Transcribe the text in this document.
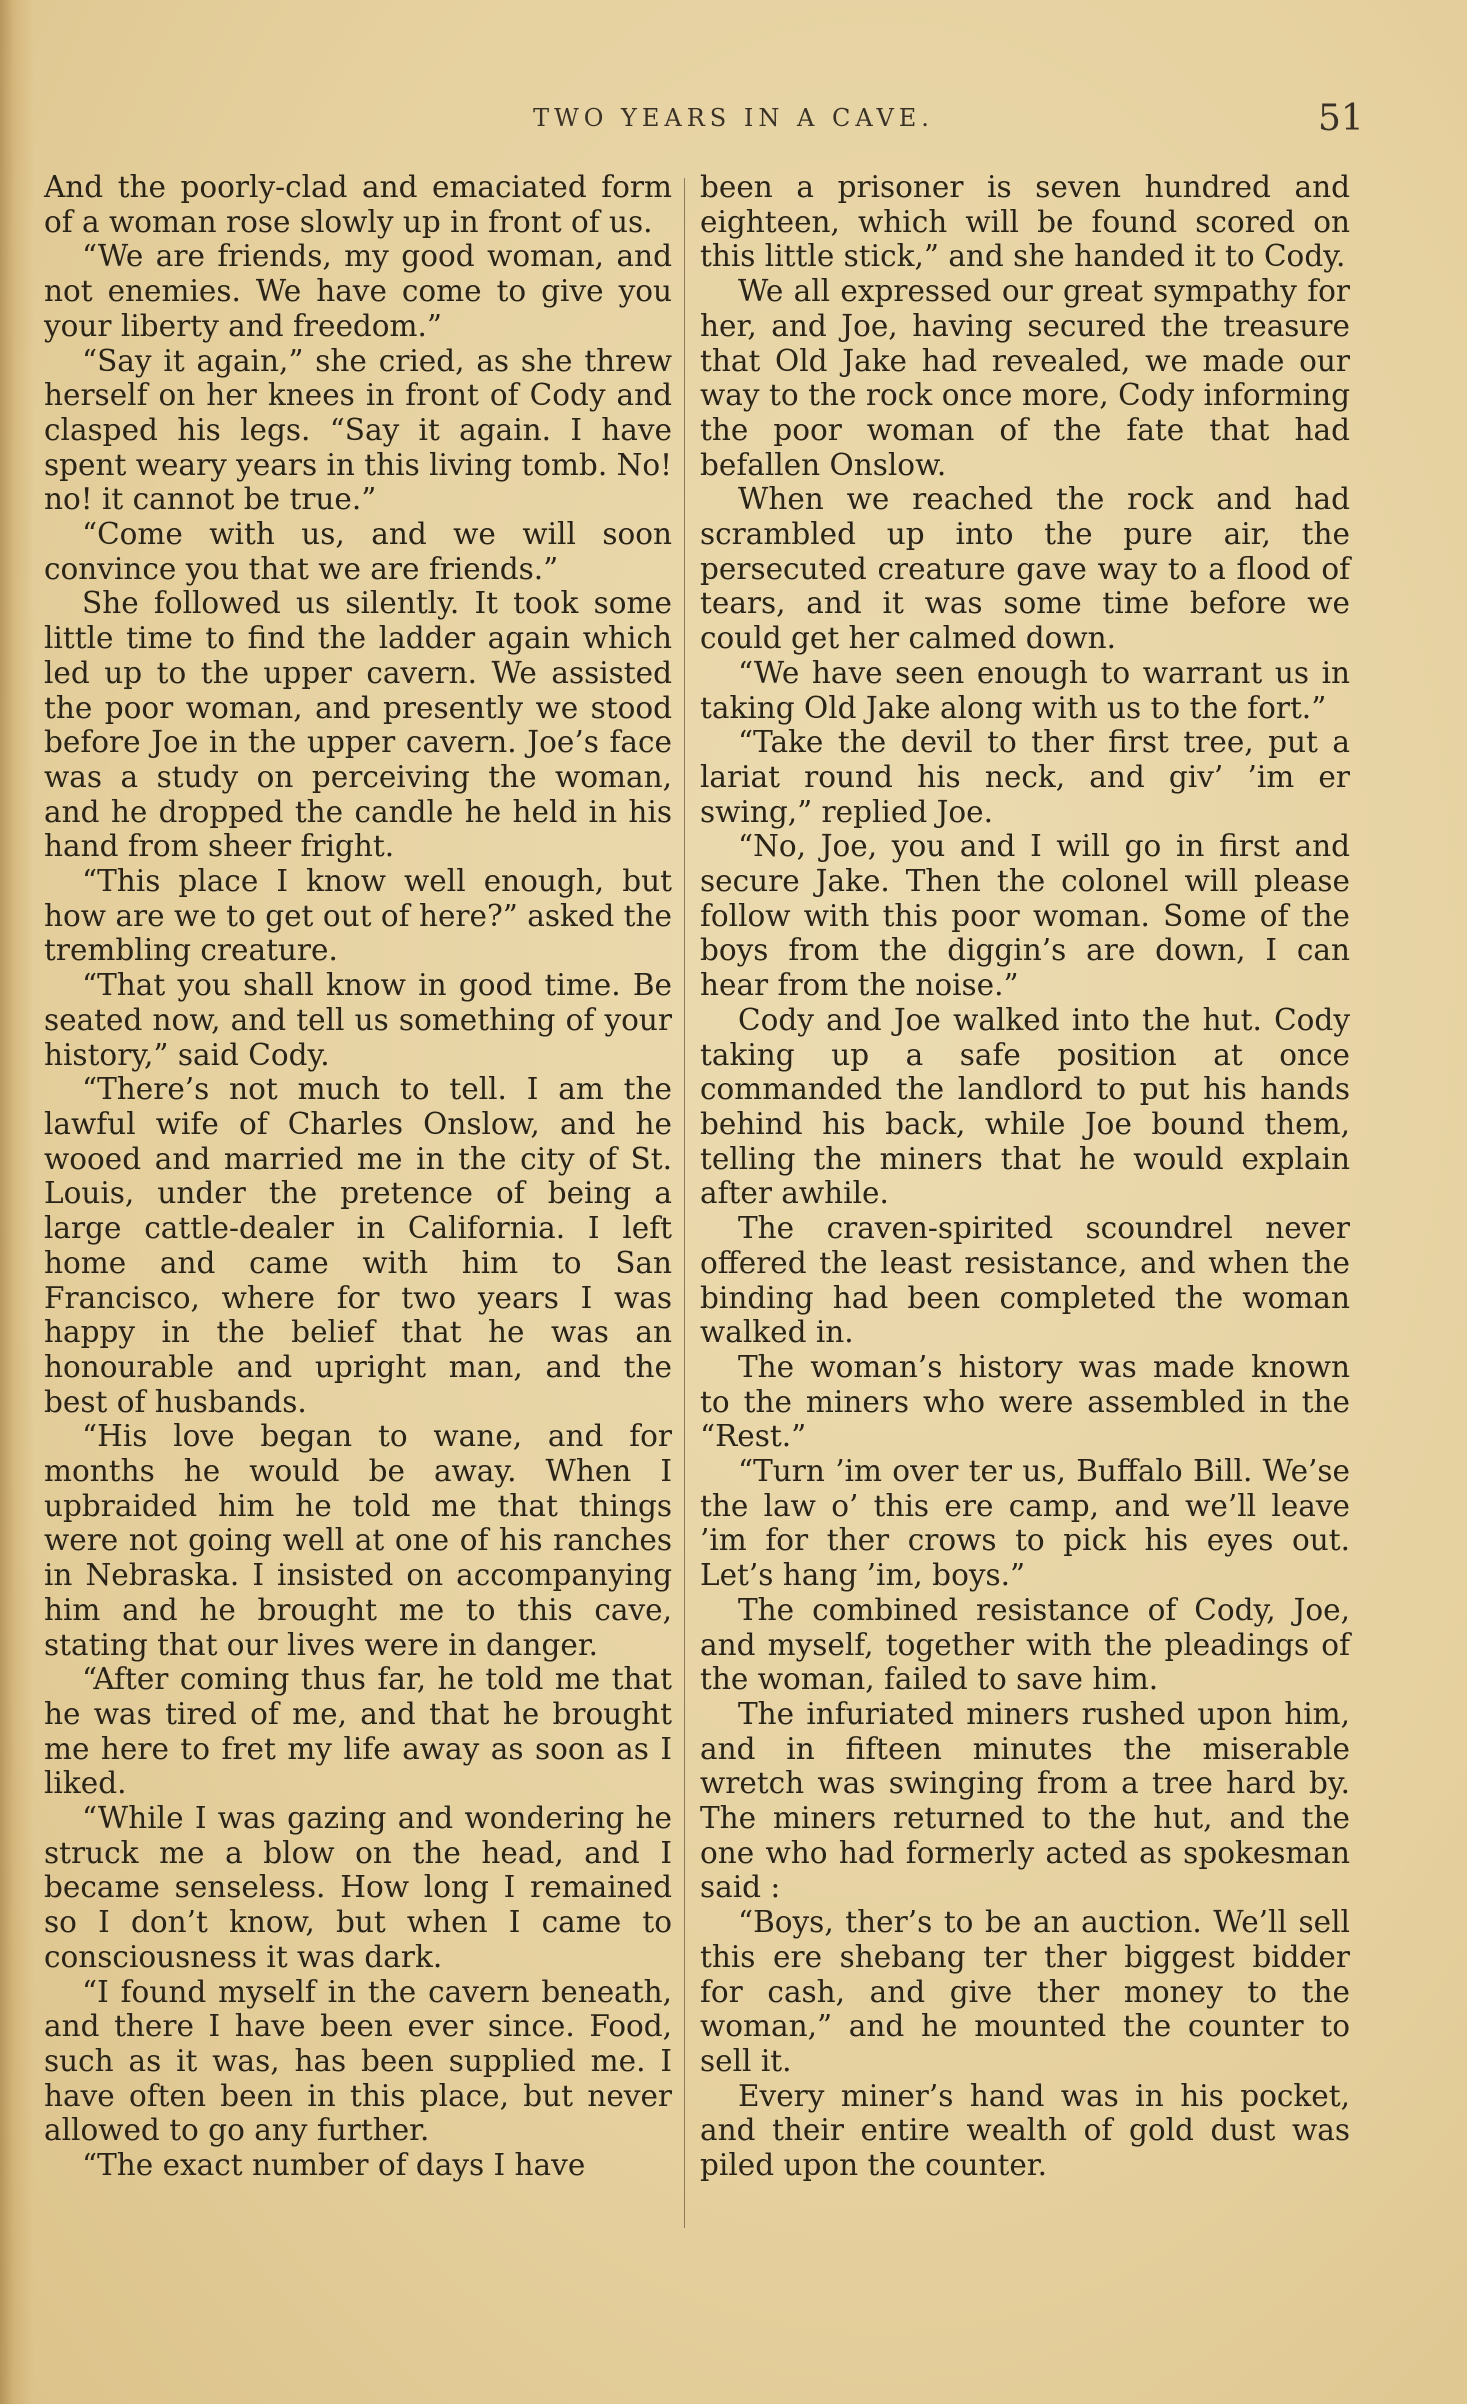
TWO YEARS IN A CAVE.	51

And the poorly-clad and emaciated form of a woman rose slowly up in front of us.

“We are friends, my good woman, and not enemies. We have come to give you your liberty and freedom.”

“Say it again,” she cried, as she threw herself on her knees in front of Cody and clasped his legs. “Say it again. I have spent weary years in this living tomb. No! no! it cannot be true.”

“Come with us, and we will soon convince you that we are friends.”

She followed us silently. It took some little time to find the ladder again which led up to the upper cavern. We assisted the poor woman, and presently we stood before Joe in the upper cavern. Joe’s face was a study on perceiving the woman, and he dropped the candle he held in his hand from sheer fright.

“This place I know well enough, but how are we to get out of here?” asked the trembling creature.

“That you shall know in good time. Be seated now, and tell us something of your history,” said Cody.

“There’s not much to tell. I am the lawful wife of Charles Onslow, and he wooed and married me in the city of St. Louis, under the pretence of being a large cattle-dealer in California. I left home and came with him to San Francisco, where for two years I was happy in the belief that he was an honourable and upright man, and the best of husbands.

“His love began to wane, and for months he would be away. When I upbraided him he told me that things were not going well at one of his ranches in Nebraska. I insisted on accompanying him and he brought me to this cave, stating that our lives were in danger.

“After coming thus far, he told me that he was tired of me, and that he brought me here to fret my life away as soon as I liked.

“While I was gazing and wondering he struck me a blow on the head, and I became senseless. How long I remained so I don’t know, but when I came to consciousness it was dark.

“I found myself in the cavern beneath, and there I have been ever since. Food, such as it was, has been supplied me. I have often been in this place, but never allowed to go any further.

“The exact number of days I have

been a prisoner is seven hundred and eighteen, which will be found scored on this little stick,” and she handed it to Cody.

We all expressed our great sympathy for her, and Joe, having secured the treasure that Old Jake had revealed, we made our way to the rock once more, Cody informing the poor woman of the fate that had befallen Onslow.

When we reached the rock and had scrambled up into the pure air, the persecuted creature gave way to a flood of tears, and it was some time before we could get her calmed down.

“We have seen enough to warrant us in taking Old Jake along with us to the fort.”

“Take the devil to ther first tree, put a lariat round his neck, and giv’ ’im er swing,” replied Joe.

“No, Joe, you and I will go in first and secure Jake. Then the colonel will please follow with this poor woman. Some of the boys from the diggin’s are down, I can hear from the noise.”

Cody and Joe walked into the hut. Cody taking up a safe position at once commanded the landlord to put his hands behind his back, while Joe bound them, telling the miners that he would explain after awhile.

The craven-spirited scoundrel never offered the least resistance, and when the binding had been completed the woman walked in.

The woman’s history was made known to the miners who were assembled in the “Rest.”

“Turn ’im over ter us, Buffalo Bill. We’se the law o’ this ere camp, and we’ll leave ’im for ther crows to pick his eyes out. Let’s hang ’im, boys.”

The combined resistance of Cody, Joe, and myself, together with the pleadings of the woman, failed to save him.

The infuriated miners rushed upon him, and in fifteen minutes the miserable wretch was swinging from a tree hard by. The miners returned to the hut, and the one who had formerly acted as spokesman said :

“Boys, ther’s to be an auction. We’ll sell this ere shebang ter ther biggest bidder for cash, and give ther money to the woman,” and he mounted the counter to sell it.

Every miner’s hand was in his pocket, and their entire wealth of gold dust was piled upon the counter.
